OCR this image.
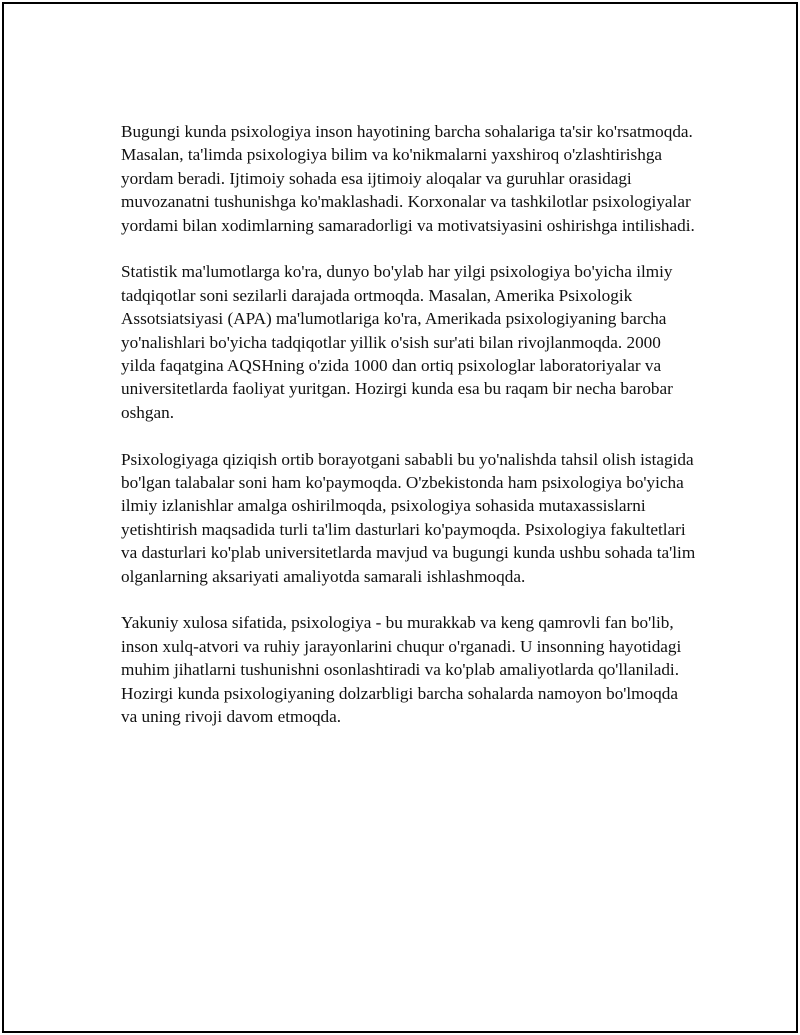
Bugungi kunda psixologiya inson hayotining barcha sohalariga ta'sir ko'rsatmoqda. Masalan, ta'limda psixologiya bilim va ko'nikmalarni yaxshiroq o'zlashtirishga yordam beradi. Ijtimoiy sohada esa ijtimoiy aloqalar va guruhlar orasidagi muvozanatni tushunishga ko'maklashadi. Korxonalar va tashkilotlar psixologiyalar yordami bilan xodimlarning samaradorligi va motivatsiyasini oshirishga intilishadi.

Statistik ma'lumotlarga ko'ra, dunyo bo'ylab har yilgi psixologiya bo'yicha ilmiy tadqiqotlar soni sezilarli darajada ortmoqda. Masalan, Amerika Psixologik Assotsiatsiyasi (APA) ma'lumotlariga ko'ra, Amerikada psixologiyaning barcha yo'nalishlari bo'yicha tadqiqotlar yillik o'sish sur'ati bilan rivojlanmoqda. 2000 yilda faqatgina AQSHning o'zida 1000 dan ortiq psixologlar laboratoriyalar va universitetlarda faoliyat yuritgan. Hozirgi kunda esa bu raqam bir necha barobar oshgan.

Psixologiyaga qiziqish ortib borayotgani sababli bu yo'nalishda tahsil olish istagida bo'lgan talabalar soni ham ko'paymoqda. O'zbekistonda ham psixologiya bo'yicha ilmiy izlanishlar amalga oshirilmoqda, psixologiya sohasida mutaxassislarni yetishtirish maqsadida turli ta'lim dasturlari ko'paymoqda. Psixologiya fakultetlari va dasturlari ko'plab universitetlarda mavjud va bugungi kunda ushbu sohada ta'lim olganlarning aksariyati amaliyotda samarali ishlashmoqda.

Yakuniy xulosa sifatida, psixologiya - bu murakkab va keng qamrovli fan bo'lib, inson xulq-atvori va ruhiy jarayonlarini chuqur o'rganadi. U insonning hayotidagi muhim jihatlarni tushunishni osonlashtiradi va ko'plab amaliyotlarda qo'llaniladi. Hozirgi kunda psixologiyaning dolzarbligi barcha sohalarda namoyon bo'lmoqda va uning rivoji davom etmoqda.
